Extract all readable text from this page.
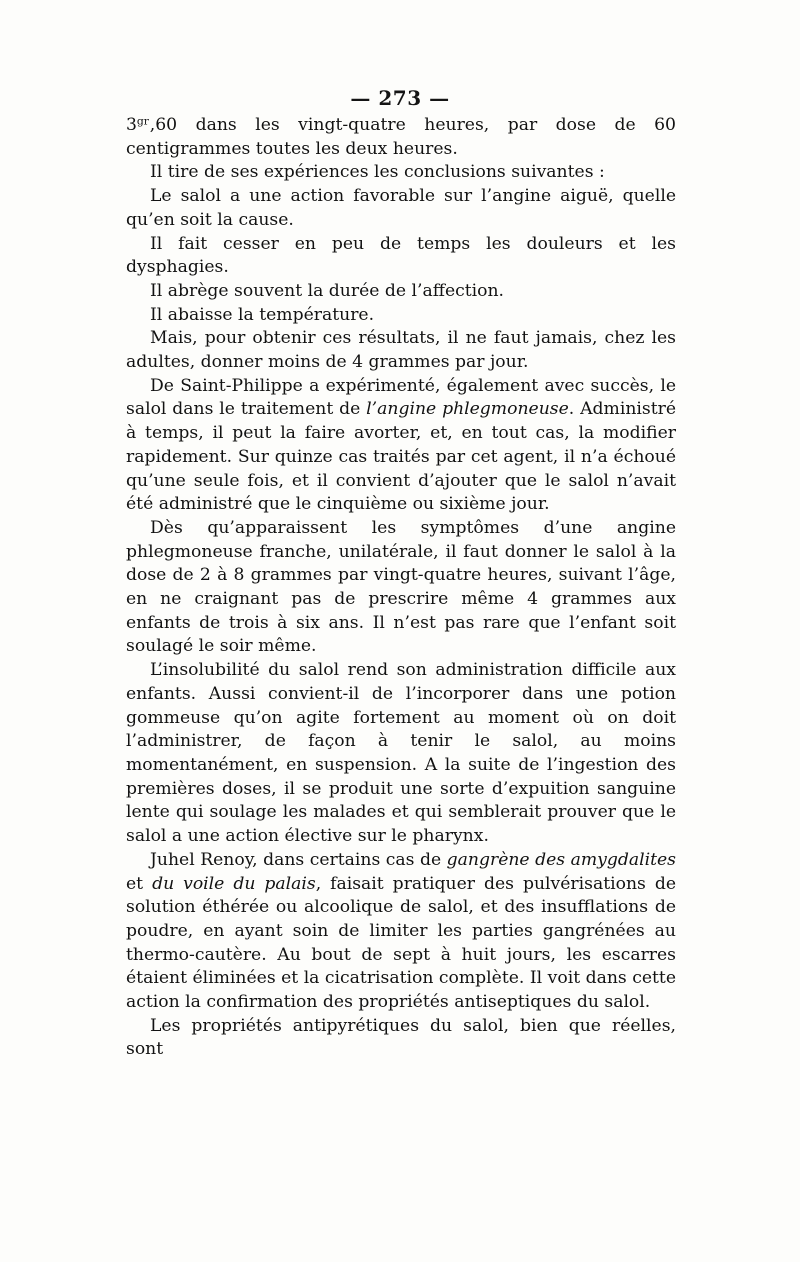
— 273 —

3ᵍʳ,60 dans les vingt-quatre heures, par dose de 60 centigrammes toutes les deux heures.

Il tire de ses expériences les conclusions suivantes :

Le salol a une action favorable sur l’angine aiguë, quelle qu’en soit la cause.

Il fait cesser en peu de temps les douleurs et les dysphagies.

Il abrège souvent la durée de l’affection.

Il abaisse la température.

Mais, pour obtenir ces résultats, il ne faut jamais, chez les adultes, donner moins de 4 grammes par jour.

De Saint-Philippe a expérimenté, également avec succès, le salol dans le traitement de l’angine phlegmoneuse. Administré à temps, il peut la faire avorter, et, en tout cas, la modifier rapidement. Sur quinze cas traités par cet agent, il n’a échoué qu’une seule fois, et il convient d’ajouter que le salol n’avait été administré que le cinquième ou sixième jour.

Dès qu’apparaissent les symptômes d’une angine phlegmoneuse franche, unilatérale, il faut donner le salol à la dose de 2 à 8 grammes par vingt-quatre heures, suivant l’âge, en ne craignant pas de prescrire même 4 grammes aux enfants de trois à six ans. Il n’est pas rare que l’enfant soit soulagé le soir même.

L’insolubilité du salol rend son administration difficile aux enfants. Aussi convient-il de l’incorporer dans une potion gommeuse qu’on agite fortement au moment où on doit l’administrer, de façon à tenir le salol, au moins momentanément, en suspension. A la suite de l’ingestion des premières doses, il se produit une sorte d’expuition sanguine lente qui soulage les malades et qui semblerait prouver que le salol a une action élective sur le pharynx.

Juhel Renoy, dans certains cas de gangrène des amygdalites et du voile du palais, faisait pratiquer des pulvérisations de solution éthérée ou alcoolique de salol, et des insufflations de poudre, en ayant soin de limiter les parties gangrénées au thermo-cautère. Au bout de sept à huit jours, les escarres étaient éliminées et la cicatrisation complète. Il voit dans cette action la confirmation des propriétés antiseptiques du salol.

Les propriétés antipyrétiques du salol, bien que réelles, sont
